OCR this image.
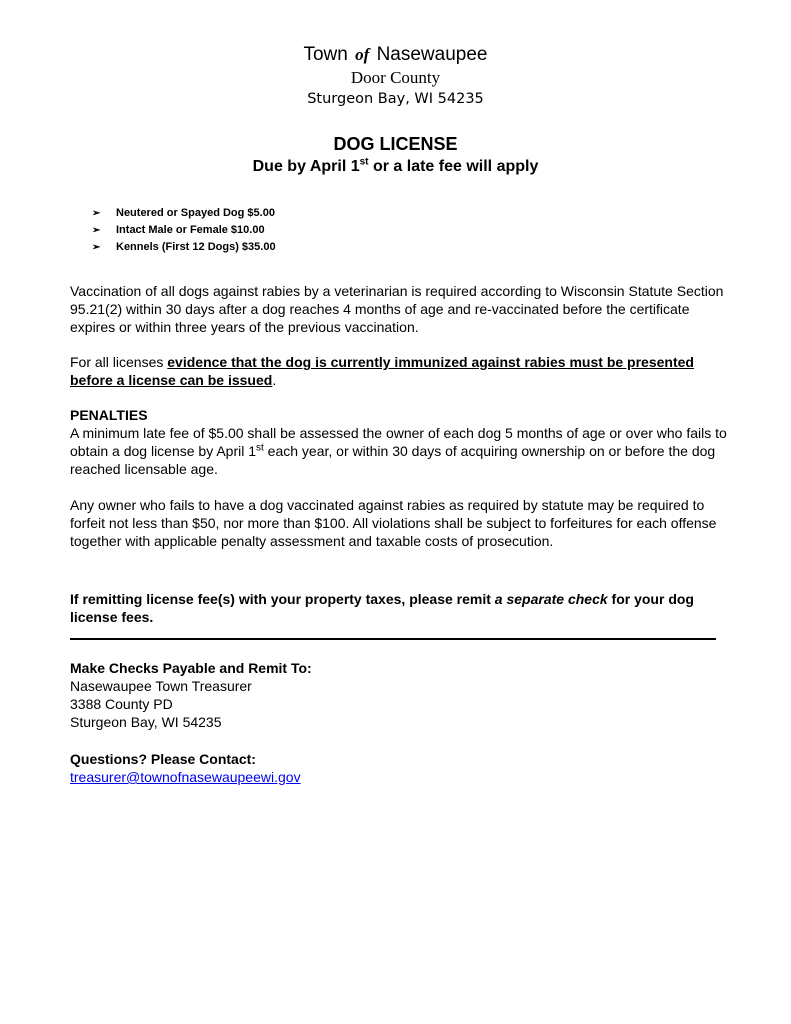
Town of Nasewaupee
Door County
Sturgeon Bay, WI 54235
DOG LICENSE
Due by April 1st or a late fee will apply
➢ Neutered or Spayed Dog $5.00
➢ Intact Male or Female $10.00
➢ Kennels (First 12 Dogs) $35.00
Vaccination of all dogs against rabies by a veterinarian is required according to Wisconsin Statute Section 95.21(2) within 30 days after a dog reaches 4 months of age and re-vaccinated before the certificate expires or within three years of the previous vaccination.
For all licenses evidence that the dog is currently immunized against rabies must be presented before a license can be issued.
PENALTIES
A minimum late fee of $5.00 shall be assessed the owner of each dog 5 months of age or over who fails to obtain a dog license by April 1st each year, or within 30 days of acquiring ownership on or before the dog reached licensable age.
Any owner who fails to have a dog vaccinated against rabies as required by statute may be required to forfeit not less than $50, nor more than $100. All violations shall be subject to forfeitures for each offense together with applicable penalty assessment and taxable costs of prosecution.
If remitting license fee(s) with your property taxes, please remit a separate check for your dog license fees.
Make Checks Payable and Remit To:
Nasewaupee Town Treasurer
3388 County PD
Sturgeon Bay, WI 54235
Questions? Please Contact:
treasurer@townofnasewaupeewi.gov
